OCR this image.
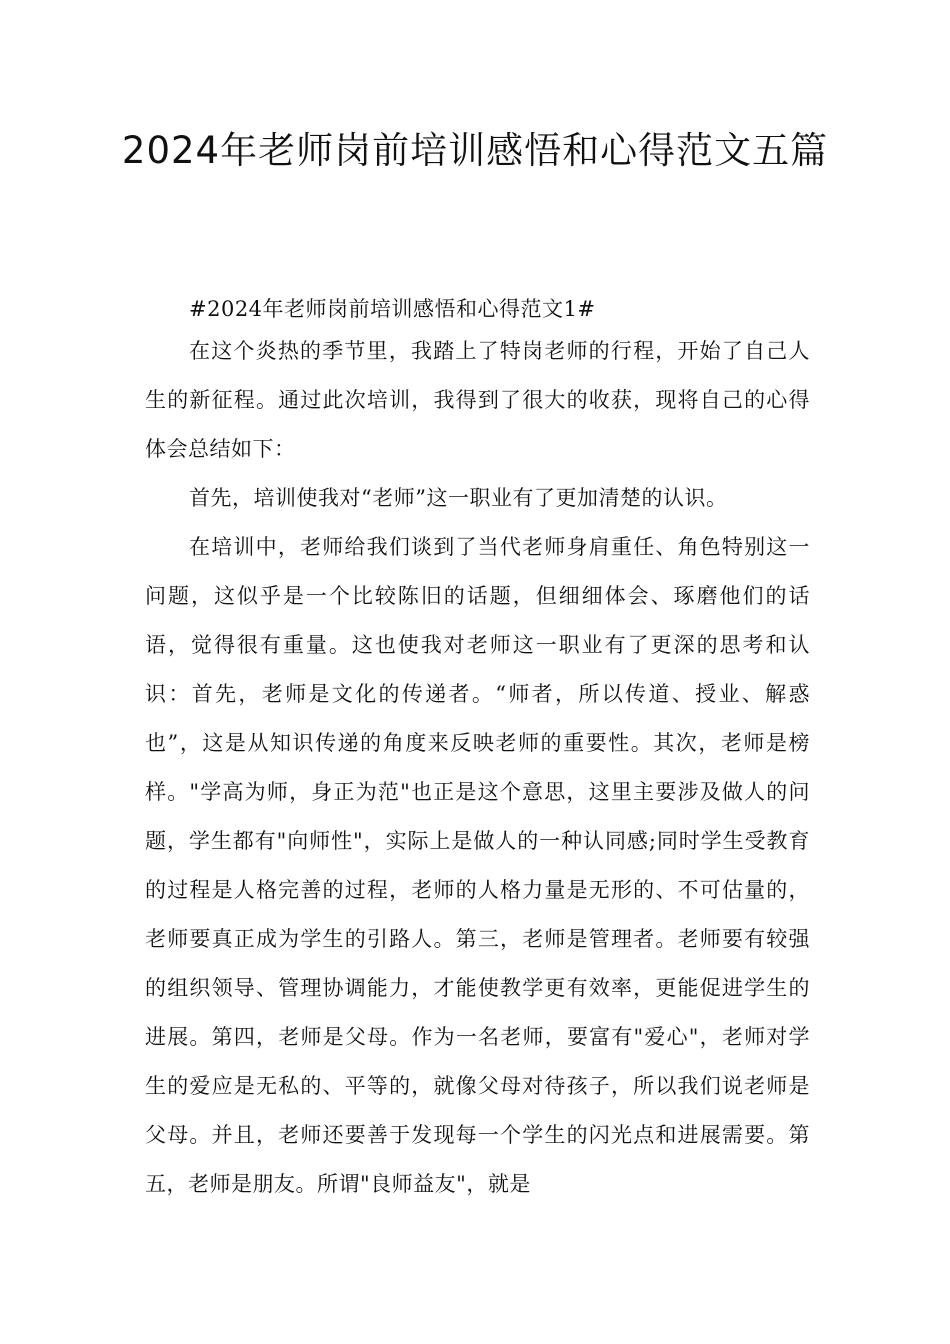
2024年老师岗前培训感悟和心得范文五篇

#2024年老师岗前培训感悟和心得范文1#

在这个炎热的季节里，我踏上了特岗老师的行程，开始了自己人生的新征程。通过此次培训，我得到了很大的收获，现将自己的心得体会总结如下：

首先，培训使我对“老师”这一职业有了更加清楚的认识。

在培训中，老师给我们谈到了当代老师身肩重任、角色特别这一问题，这似乎是一个比较陈旧的话题，但细细体会、琢磨他们的话语，觉得很有重量。这也使我对老师这一职业有了更深的思考和认识：首先，老师是文化的传递者。“师者，所以传道、授业、解惑也”，这是从知识传递的角度来反映老师的重要性。其次，老师是榜样。"学高为师，身正为范"也正是这个意思，这里主要涉及做人的问题，学生都有"向师性"，实际上是做人的一种认同感;同时学生受教育的过程是人格完善的过程，老师的人格力量是无形的、不可估量的，老师要真正成为学生的引路人。第三，老师是管理者。老师要有较强的组织领导、管理协调能力，才能使教学更有效率，更能促进学生的进展。第四，老师是父母。作为一名老师，要富有"爱心"，老师对学生的爱应是无私的、平等的，就像父母对待孩子，所以我们说老师是父母。并且，老师还要善于发现每一个学生的闪光点和进展需要。第五，老师是朋友。所谓"良师益友"，就是
